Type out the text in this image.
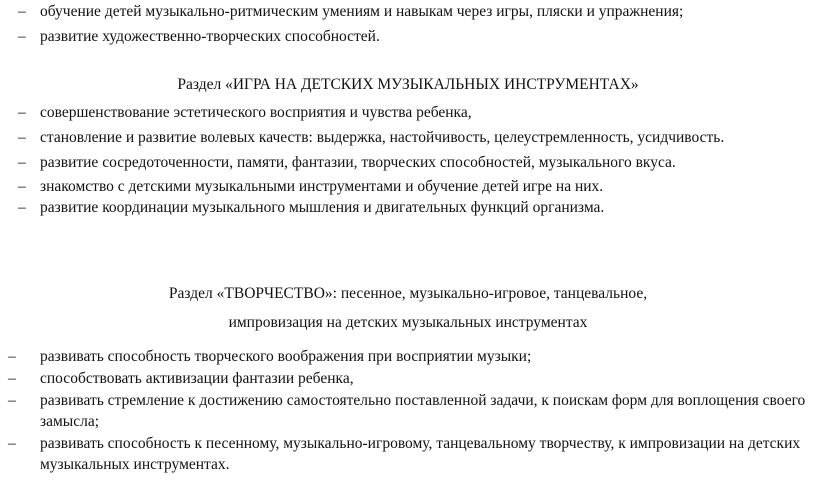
– обучение детей музыкально-ритмическим умениям и навыкам через игры, пляски и упражнения;
– развитие художественно-творческих способностей.
Раздел «ИГРА НА ДЕТСКИХ МУЗЫКАЛЬНЫХ ИНСТРУМЕНТАХ»
– совершенствование эстетического восприятия и чувства ребенка,
– становление и развитие волевых качеств: выдержка, настойчивость, целеустремленность, усидчивость.
– развитие сосредоточенности, памяти, фантазии, творческих способностей, музыкального вкуса.
– знакомство с детскими музыкальными инструментами и обучение детей игре на них.
– развитие координации музыкального мышления и двигательных функций организма.
Раздел «ТВОРЧЕСТВО»: песенное, музыкально-игровое, танцевальное,
импровизация на детских музыкальных инструментах
– развивать способность творческого воображения при восприятии музыки;
– способствовать активизации фантазии ребенка,
– развивать стремление к достижению самостоятельно поставленной задачи, к поискам форм для воплощения своего
замысла;
– развивать способность к песенному, музыкально-игровому, танцевальному творчеству, к импровизации на детских
музыкальных инструментах.
